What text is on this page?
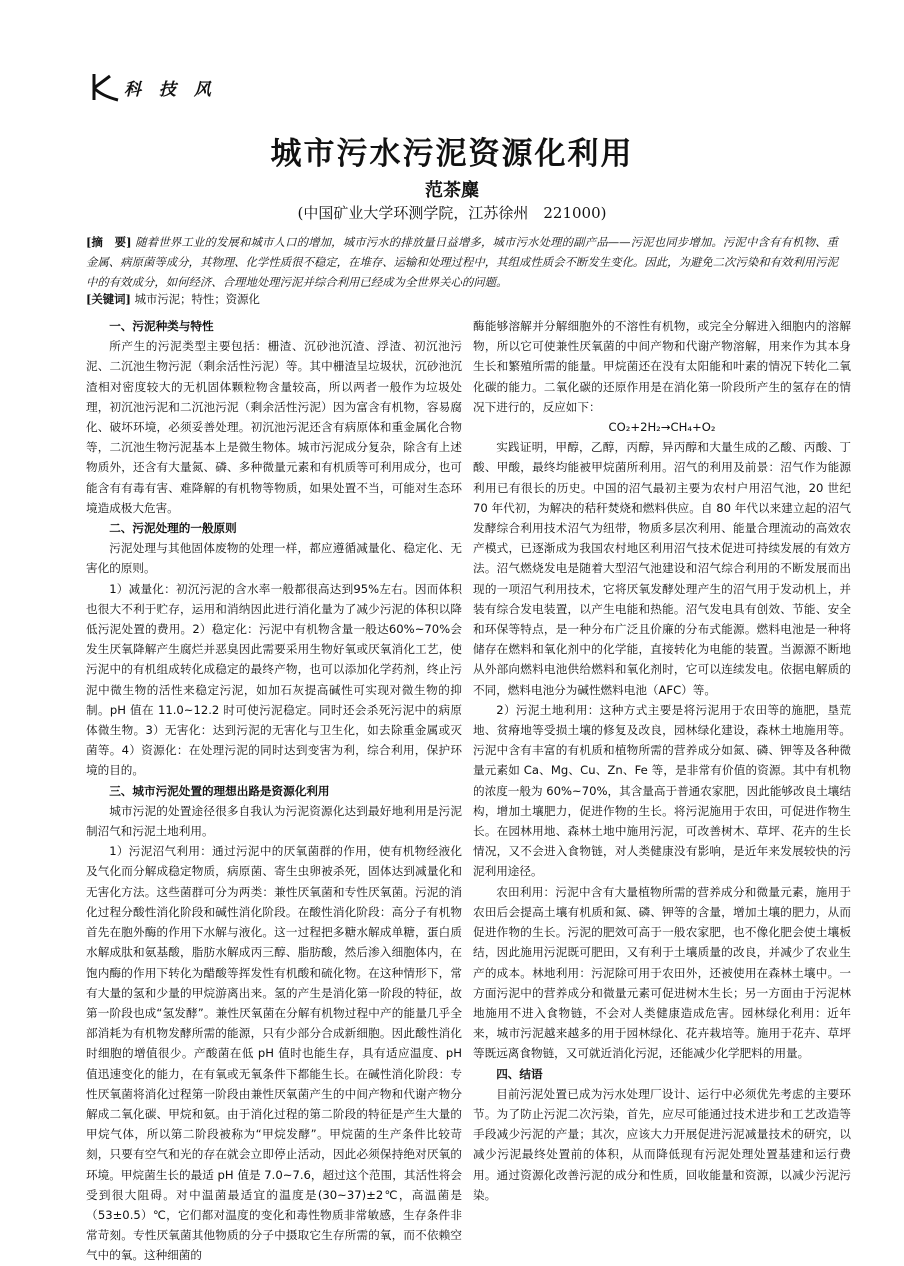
科 技 风
城市污水污泥资源化利用
范茶麋
(中国矿业大学环测学院，江苏徐州　221000)
[摘　要] 随着世界工业的发展和城市人口的增加，城市污水的排放量日益增多，城市污水处理的副产品——污泥也同步增加。污泥中含有有机物、重金属、病原菌等成分，其物理、化学性质很不稳定，在堆存、运输和处理过程中，其组成性质会不断发生变化。因此，为避免二次污染和有效利用污泥中的有效成分，如何经济、合理地处理污泥并综合利用已经成为全世界关心的问题。
[关键词] 城市污泥；特性；资源化
一、污泥种类与特性

所产生的污泥类型主要包括：栅渣、沉砂池沉渣、浮渣、初沉池污泥、二沉池生物污泥（剩余活性污泥）等。其中栅渣呈垃圾状，沉砂池沉渣相对密度较大的无机固体颗粒物含量较高，所以两者一般作为垃圾处理，初沉池污泥和二沉池污泥（剩余活性污泥）因为富含有机物，容易腐化、破坏环境，必须妥善处理。初沉池污泥还含有病原体和重金属化合物等，二沉池生物污泥基本上是微生物体。城市污泥成分复杂，除含有上述物质外，还含有大量氮、磷、多种微量元素和有机质等可利用成分，也可能含有有毒有害、难降解的有机物等物质，如果处置不当，可能对生态环境造成极大危害。

二、污泥处理的一般原则

污泥处理与其他固体废物的处理一样，都应遵循减量化、稳定化、无害化的原则。

1）减量化：初沉污泥的含水率一般都很高达到95%左右。因而体积也很大不利于贮存，运用和消纳因此进行消化量为了减少污泥的体积以降低污泥处置的费用。2）稳定化：污泥中有机物含量一般达60%~70%会发生厌氧降解产生腐烂并恶臭因此需要采用生物好氧或厌氧消化工艺，使污泥中的有机组成转化成稳定的最终产物，也可以添加化学药剂，终止污泥中微生物的活性来稳定污泥，如加石灰提高碱性可实现对微生物的抑制。pH 值在 11.0~12.2 时可使污泥稳定。同时还会杀死污泥中的病原体微生物。3）无害化：达到污泥的无害化与卫生化，如去除重金属或灭菌等。4）资源化：在处理污泥的同时达到变害为利，综合利用，保护环境的目的。

三、城市污泥处置的理想出路是资源化利用

城市污泥的处置途径很多自我认为污泥资源化达到最好地利用是污泥制沼气和污泥土地利用。

1）污泥沼气利用：通过污泥中的厌氧菌群的作用，使有机物经液化及气化而分解成稳定物质，病原菌、寄生虫卵被杀死，固体达到减量化和无害化方法。这些菌群可分为两类：兼性厌氧菌和专性厌氧菌。污泥的消化过程分酸性消化阶段和碱性消化阶段。在酸性消化阶段：高分子有机物首先在胞外酶的作用下水解与液化。这一过程把多糖水解成单糖，蛋白质水解成肽和氨基酸，脂肪水解成丙三醇、脂肪酸，然后渗入细胞体内，在饱内酶的作用下转化为醋酸等挥发性有机酸和硫化物。在这种情形下，常有大量的氢和少量的甲烷游离出来。氢的产生是消化第一阶段的特征，故第一阶段也成“氢发酵”。兼性厌氧菌在分解有机物过程中产的能量几乎全部消耗为有机物发酵所需的能源，只有少部分合成新细胞。因此酸性消化时细胞的增值很少。产酸菌在低 pH 值时也能生存，具有适应温度、pH 值迅速变化的能力，在有氧或无氧条件下都能生长。在碱性消化阶段：专性厌氧菌将消化过程第一阶段由兼性厌氧菌产生的中间产物和代谢产物分解成二氧化碳、甲烷和氨。由于消化过程的第二阶段的特征是产生大量的甲烷气体，所以第二阶段被称为“甲烷发酵”。甲烷菌的生产条件比较苛刻，只要有空气和光的存在就会立即停止活动，因此必须保持绝对厌氧的环境。甲烷菌生长的最适 pH 值是 7.0~7.6，超过这个范围，其活性将会受到很大阻碍。对中温菌最适宜的温度是(30~37)±2℃，高温菌是（53±0.5）℃，它们都对温度的变化和毒性物质非常敏感，生存条件非常苛刻。专性厌氧菌其他物质的分子中摄取它生存所需的氧，而不依赖空气中的氧。这种细菌的

酶能够溶解并分解细胞外的不溶性有机物，或完全分解进入细胞内的溶解物，所以它可使兼性厌氧菌的中间产物和代谢产物溶解，用来作为其本身生长和繁殖所需的能量。甲烷菌还在没有太阳能和叶素的情况下转化二氧化碳的能力。二氧化碳的还原作用是在消化第一阶段所产生的氢存在的情况下进行的，反应如下：

CO₂+2H₂→CH₄+O₂

实践证明，甲醇，乙醇，丙醇，异丙醇和大量生成的乙酸、丙酸、丁酸、甲酸，最终均能被甲烷菌所利用。沼气的利用及前景：沼气作为能源利用已有很长的历史。中国的沼气最初主要为农村户用沼气池，20 世纪 70 年代初，为解决的秸秆焚烧和燃料供应。自 80 年代以来建立起的沼气发酵综合利用技术沼气为纽带，物质多层次利用、能量合理流动的高效农产模式，已逐渐成为我国农村地区利用沼气技术促进可持续发展的有效方法。沼气燃烧发电是随着大型沼气池建设和沼气综合利用的不断发展而出现的一项沼气利用技术，它将厌氧发酵处理产生的沼气用于发动机上，并装有综合发电装置，以产生电能和热能。沼气发电具有创效、节能、安全和环保等特点，是一种分布广泛且价廉的分布式能源。燃料电池是一种将储存在燃料和氧化剂中的化学能，直接转化为电能的装置。当源源不断地从外部向燃料电池供给燃料和氧化剂时，它可以连续发电。依据电解质的不同，燃料电池分为碱性燃料电池（AFC）等。

2）污泥土地利用：这种方式主要是将污泥用于农田等的施肥，垦荒地、贫瘠地等受损土壤的修复及改良，园林绿化建设，森林土地施用等。污泥中含有丰富的有机质和植物所需的营养成分如氮、磷、钾等及各种微量元素如 Ca、Mg、Cu、Zn、Fe 等，是非常有价值的资源。其中有机物的浓度一般为 60%~70%，其含量高于普通农家肥，因此能够改良土壤结构，增加土壤肥力，促进作物的生长。将污泥施用于农田，可促进作物生长。在园林用地、森林土地中施用污泥，可改善树木、草坪、花卉的生长情况，又不会进入食物链，对人类健康没有影响，是近年来发展较快的污泥利用途径。

农田利用：污泥中含有大量植物所需的营养成分和微量元素，施用于农田后会提高土壤有机质和氮、磷、钾等的含量，增加土壤的肥力，从而促进作物的生长。污泥的肥效可高于一般农家肥，也不像化肥会使土壤板结，因此施用污泥既可肥田，又有利于土壤质量的改良，并减少了农业生产的成本。林地利用：污泥除可用于农田外，还被使用在森林土壤中。一方面污泥中的营养成分和微量元素可促进树木生长；另一方面由于污泥林地施用不进入食物链，不会对人类健康造成危害。园林绿化利用：近年来，城市污泥越来越多的用于园林绿化、花卉栽培等。施用于花卉、草坪等既远离食物链，又可就近消化污泥，还能减少化学肥料的用量。

四、结语

目前污泥处置已成为污水处理厂设计、运行中必须优先考虑的主要环节。为了防止污泥二次污染，首先，应尽可能通过技术进步和工艺改造等手段减少污泥的产量；其次，应该大力开展促进污泥减量技术的研究，以减少污泥最终处置前的体积，从而降低现有污泥处理处置基建和运行费用。通过资源化改善污泥的成分和性质，回收能量和资源，以减少污泥污染。
